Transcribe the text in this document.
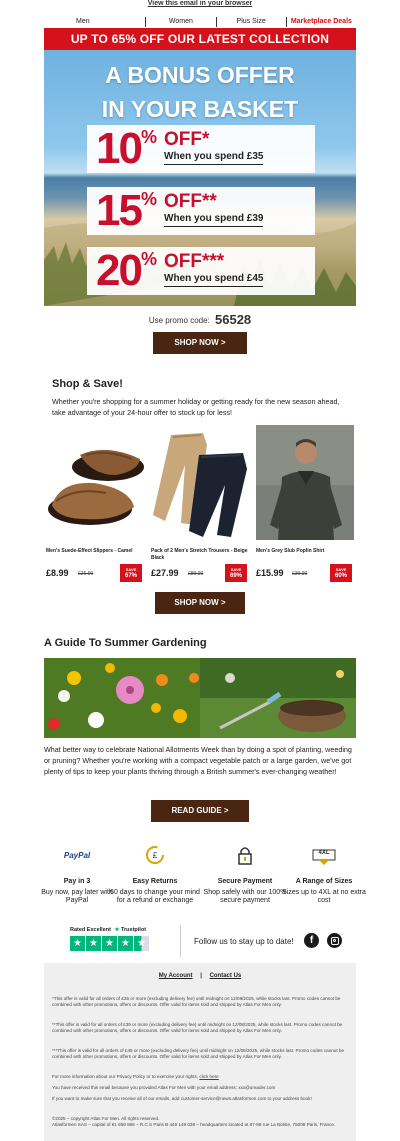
View this email in your browser
Men	Women	Plus Size	Marketplace Deals
UP TO 65% OFF OUR LATEST COLLECTION
A BONUS OFFER
IN YOUR BASKET
10 % OFF*
When you spend £35
15 % OFF**
When you spend £39
20 % OFF***
When you spend £45
Use promo code: 56528
SHOP NOW >
Shop & Save!
Whether you're shopping for a summer holiday or getting ready for the new season ahead, take advantage of your 24-hour offer to stock up for less!
Men's Suede-Effect Slippers - Camel
£8.99 £26.90
SAVE
67%
Pack of 2 Men's Stretch Trousers - Beige Black
£27.99 £89.90
SAVE
69%
Men's Grey Slub Poplin Shirt
£15.99 £39.90
SAVE
60%
SHOP NOW >
A Guide To Summer Gardening
What better way to celebrate National Allotments Week than by doing a spot of planting, weeding or pruning? Whether you're working with a compact vegetable patch or a large garden, we've got plenty of tips to keep your plants thriving through a British summer's ever-changing weather!
READ GUIDE >
PayPal
Pay in 3
Buy now, pay later with PayPal
£
Easy Returns
60 days to change your mind for a refund or exchange
Secure Payment
Shop safely with our 100% secure payment
4XL
A Range of Sizes
Sizes up to 4XL at no extra cost
Rated Excellent ★ Trustpilot
★ ★ ★ ★ ★	Follow us to stay up to date!	f
My Account | Contact Us
*This offer is valid for all orders of £35 or more (excluding delivery fee) until midnight on 12/08/2025, while stocks last. Promo codes cannot be combined with other promotions, offers or discounts. Offer valid for items sold and shipped by Atlas For Men only.
**This offer is valid for all orders of £39 or more (excluding delivery fee) until midnight on 12/08/2025, while stocks last. Promo codes cannot be combined with other promotions, offers or discounts. Offer valid for items sold and shipped by Atlas For Men only.
***This offer is valid for all orders of £45 or more (excluding delivery fee) until midnight on 12/08/2025, while stocks last. Promo codes cannot be combined with other promotions, offers or discounts. Offer valid for items sold and shipped by Atlas For Men only.
For more information about our Privacy Policy or to exercise your rights, click here
You have received this email because you provided Atlas For Men with your email address: xxx@ureader.com
If you want to make sure that you receive all of our emails, add customer-service@news.atlasformen.com to your address book!
©2025 – copyright Atlas For Men. All rights reserved.
Atlasformen SAS – capital of €1 659 866 – R.C.S Paris B 449 149 038 – headquarters located at 87-89 rue La Boétie, 75008 Paris, France.
